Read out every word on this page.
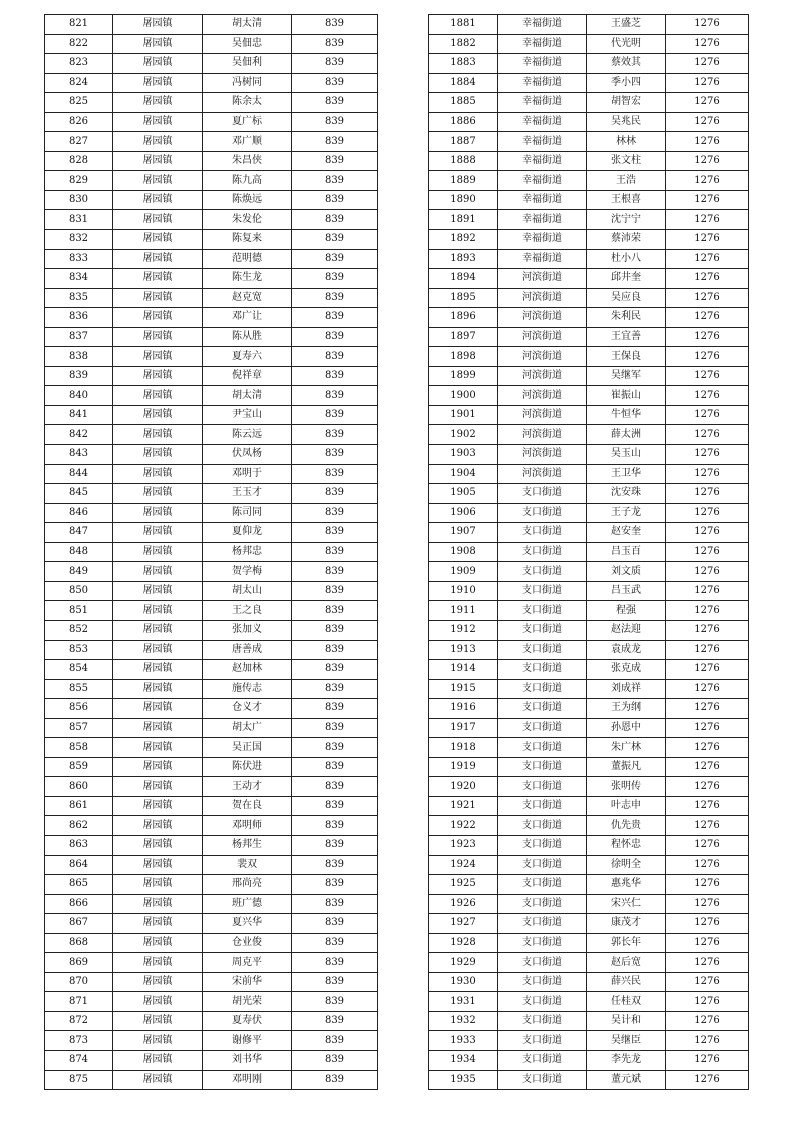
821	屠园镇	胡太清	839
822	屠园镇	吴佃忠	839
823	屠园镇	吴佃利	839
824	屠园镇	冯树同	839
825	屠园镇	陈余太	839
826	屠园镇	夏广标	839
827	屠园镇	邓广顺	839
828	屠园镇	朱昌侠	839
829	屠园镇	陈九高	839
830	屠园镇	陈焕远	839
831	屠园镇	朱发伦	839
832	屠园镇	陈复来	839
833	屠园镇	范明德	839
834	屠园镇	陈生龙	839
835	屠园镇	赵克宽	839
836	屠园镇	邓广让	839
837	屠园镇	陈从胜	839
838	屠园镇	夏寿六	839
839	屠园镇	倪祥章	839
840	屠园镇	胡太清	839
841	屠园镇	尹宝山	839
842	屠园镇	陈云远	839
843	屠园镇	伏凤杨	839
844	屠园镇	邓明于	839
845	屠园镇	王玉才	839
846	屠园镇	陈司同	839
847	屠园镇	夏仰龙	839
848	屠园镇	杨邦忠	839
849	屠园镇	贺学梅	839
850	屠园镇	胡太山	839
851	屠园镇	王之良	839
852	屠园镇	张加义	839
853	屠园镇	唐善成	839
854	屠园镇	赵加林	839
855	屠园镇	施传志	839
856	屠园镇	仓义才	839
857	屠园镇	胡太广	839
858	屠园镇	吴正国	839
859	屠园镇	陈伏进	839
860	屠园镇	王动才	839
861	屠园镇	贺在良	839
862	屠园镇	邓明师	839
863	屠园镇	杨邦生	839
864	屠园镇	裴双	839
865	屠园镇	邢尚亮	839
866	屠园镇	班广德	839
867	屠园镇	夏兴华	839
868	屠园镇	仓业俊	839
869	屠园镇	周克平	839
870	屠园镇	宋前华	839
871	屠园镇	胡光荣	839
872	屠园镇	夏寿伏	839
873	屠园镇	谢修平	839
874	屠园镇	刘书华	839
875	屠园镇	邓明刚	839
1881	幸福街道	王盛芝	1276
1882	幸福街道	代光明	1276
1883	幸福街道	蔡效其	1276
1884	幸福街道	季小四	1276
1885	幸福街道	胡智宏	1276
1886	幸福街道	吴兆民	1276
1887	幸福街道	林林	1276
1888	幸福街道	张文柱	1276
1889	幸福街道	王浩	1276
1890	幸福街道	王根喜	1276
1891	幸福街道	沈宁宁	1276
1892	幸福街道	蔡沛荣	1276
1893	幸福街道	杜小八	1276
1894	河滨街道	邱井奎	1276
1895	河滨街道	吴应良	1276
1896	河滨街道	朱利民	1276
1897	河滨街道	王宜善	1276
1898	河滨街道	王保良	1276
1899	河滨街道	吴继军	1276
1900	河滨街道	崔振山	1276
1901	河滨街道	牛恒华	1276
1902	河滨街道	薛太洲	1276
1903	河滨街道	吴玉山	1276
1904	河滨街道	王卫华	1276
1905	支口街道	沈安珠	1276
1906	支口街道	王子龙	1276
1907	支口街道	赵安奎	1276
1908	支口街道	吕玉百	1276
1909	支口街道	刘文质	1276
1910	支口街道	吕玉武	1276
1911	支口街道	程强	1276
1912	支口街道	赵法迎	1276
1913	支口街道	袁成龙	1276
1914	支口街道	张克成	1276
1915	支口街道	刘成祥	1276
1916	支口街道	王为纲	1276
1917	支口街道	孙恩中	1276
1918	支口街道	朱广林	1276
1919	支口街道	董振凡	1276
1920	支口街道	张明传	1276
1921	支口街道	叶志申	1276
1922	支口街道	仇先贵	1276
1923	支口街道	程怀忠	1276
1924	支口街道	徐明全	1276
1925	支口街道	惠兆华	1276
1926	支口街道	宋兴仁	1276
1927	支口街道	康茂才	1276
1928	支口街道	郭长年	1276
1929	支口街道	赵后宽	1276
1930	支口街道	薛兴民	1276
1931	支口街道	任桂双	1276
1932	支口街道	吴计和	1276
1933	支口街道	吴继臣	1276
1934	支口街道	李先龙	1276
1935	支口街道	董元斌	1276
